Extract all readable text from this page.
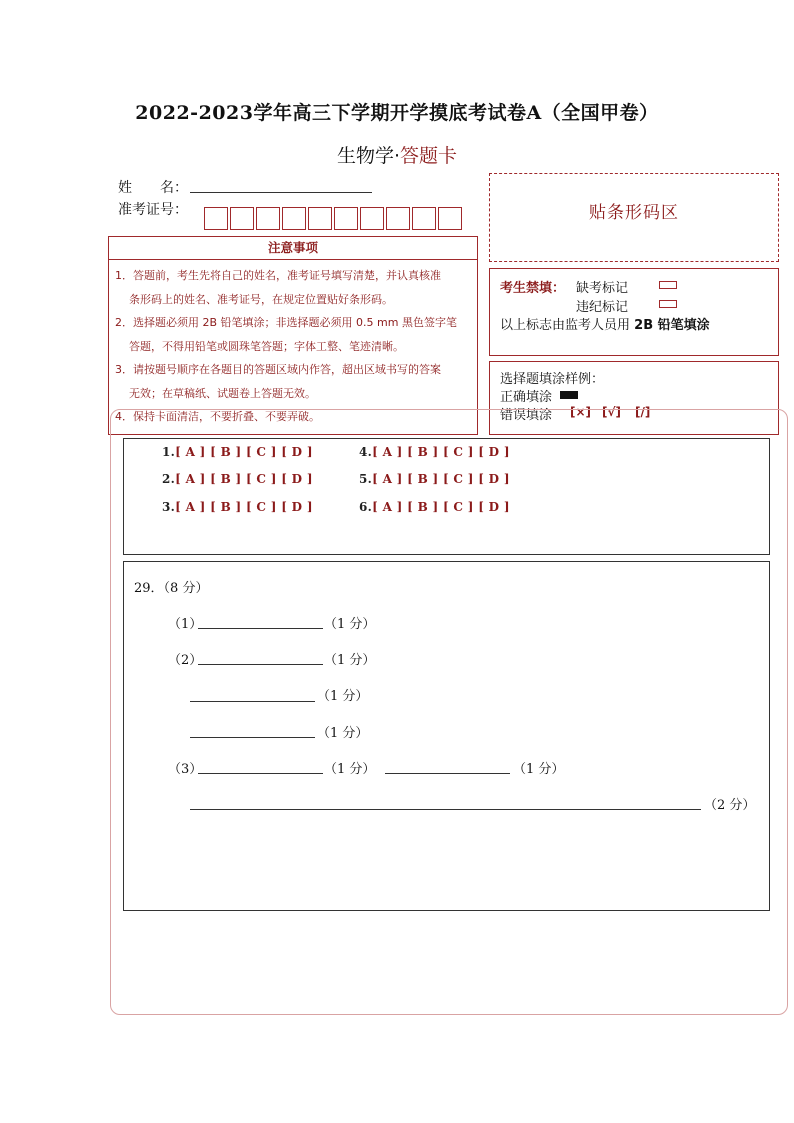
2022-2023学年高三下学期开学摸底考试卷A（全国甲卷）
生物学·答题卡
姓　　名：
准考证号：	贴条形码区
注意事项
1．答题前，考生先将自己的姓名，准考证号填写清楚，并认真核准
条形码上的姓名、准考证号，在规定位置贴好条形码。
2．选择题必须用 2B 铅笔填涂；非选择题必须用 0.5 mm 黑色签字笔
答题，不得用铅笔或圆珠笔答题；字体工整、笔迹清晰。
3．请按题号顺序在各题目的答题区域内作答，超出区域书写的答案
无效；在草稿纸、试题卷上答题无效。
4．保持卡面清洁，不要折叠、不要弄破。
考生禁填： 缺考标记
违纪标记
以上标志由监考人员用 2B 铅笔填涂
选择题填涂样例：
正确填涂
错误填涂 [×] [√] [/]
1.[ A ] [ B ] [ C ] [ D ]
2.[ A ] [ B ] [ C ] [ D ]
3.[ A ] [ B ] [ C ] [ D ]
4.[ A ] [ B ] [ C ] [ D ]
5.[ A ] [ B ] [ C ] [ D ]
6.[ A ] [ B ] [ C ] [ D ]
29．（8 分）
（1）	（1 分）
（2）	（1 分）
（1 分）
（1 分）
（3）	（1 分）	（1 分）
（2 分）
